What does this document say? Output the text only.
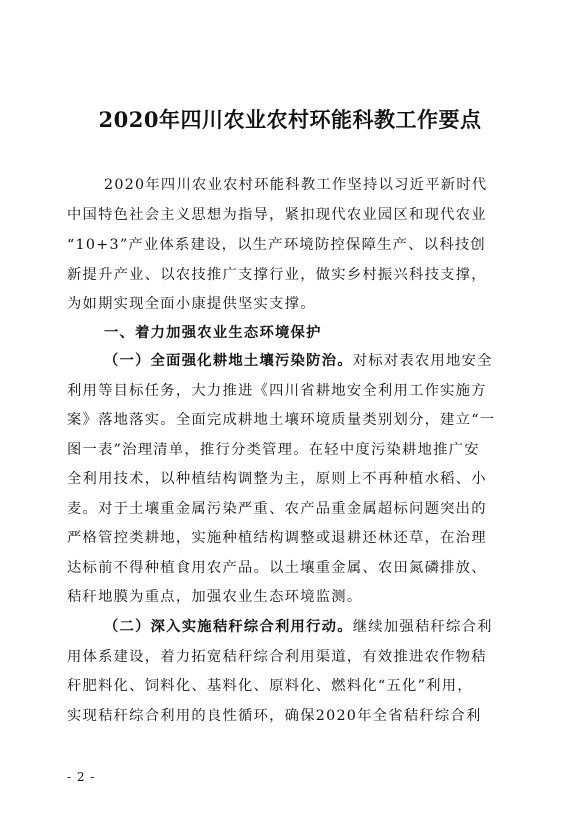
2020年四川农业农村环能科教工作要点
2020年四川农业农村环能科教工作坚持以习近平新时代
中国特色社会主义思想为指导，紧扣现代农业园区和现代农业
“10+3”产业体系建设，以生产环境防控保障生产、以科技创
新提升产业、以农技推广支撑行业，做实乡村振兴科技支撑，
为如期实现全面小康提供坚实支撑。
一、着力加强农业生态环境保护
（一）全面强化耕地土壤污染防治。对标对表农用地安全
利用等目标任务，大力推进《四川省耕地安全利用工作实施方
案》落地落实。全面完成耕地土壤环境质量类别划分，建立“一
图一表”治理清单，推行分类管理。在轻中度污染耕地推广安
全利用技术，以种植结构调整为主，原则上不再种植水稻、小
麦。对于土壤重金属污染严重、农产品重金属超标问题突出的
严格管控类耕地，实施种植结构调整或退耕还林还草，在治理
达标前不得种植食用农产品。以土壤重金属、农田氮磷排放、
秸秆地膜为重点，加强农业生态环境监测。
（二）深入实施秸秆综合利用行动。继续加强秸秆综合利
用体系建设，着力拓宽秸秆综合利用渠道，有效推进农作物秸
秆肥料化、饲料化、基料化、原料化、燃料化“五化”利用，
实现秸秆综合利用的良性循环，确保2020年全省秸秆综合利
- 2 -
